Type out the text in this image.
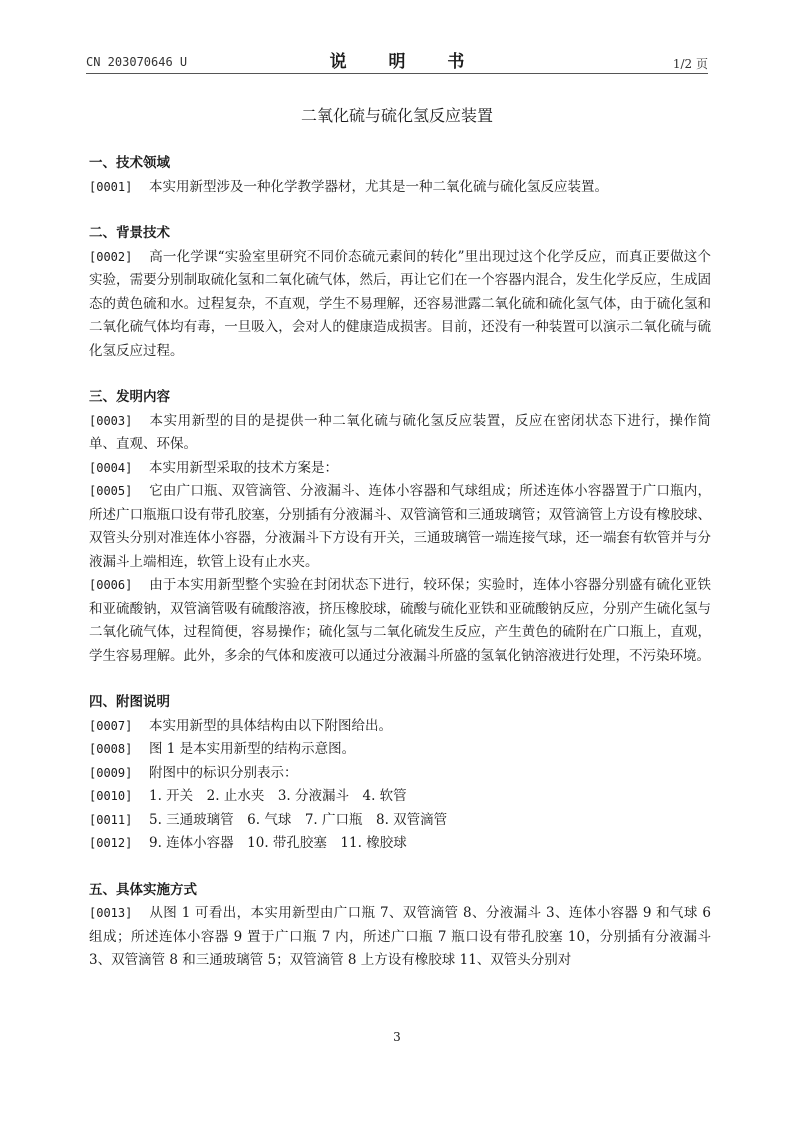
CN 203070646 U	说 明 书	1/2 页
二氧化硫与硫化氢反应装置
一、技术领域
[0001] 本实用新型涉及一种化学教学器材，尤其是一种二氧化硫与硫化氢反应装置。
二、背景技术
[0002] 高一化学课“实验室里研究不同价态硫元素间的转化”里出现过这个化学反应，而真正要做这个实验，需要分别制取硫化氢和二氧化硫气体，然后，再让它们在一个容器内混合，发生化学反应，生成固态的黄色硫和水。过程复杂，不直观，学生不易理解，还容易泄露二氧化硫和硫化氢气体，由于硫化氢和二氧化硫气体均有毒，一旦吸入，会对人的健康造成损害。目前，还没有一种装置可以演示二氧化硫与硫化氢反应过程。
三、发明内容
[0003] 本实用新型的目的是提供一种二氧化硫与硫化氢反应装置，反应在密闭状态下进行，操作简单、直观、环保。
[0004] 本实用新型采取的技术方案是：
[0005] 它由广口瓶、双管滴管、分液漏斗、连体小容器和气球组成；所述连体小容器置于广口瓶内，所述广口瓶瓶口设有带孔胶塞，分别插有分液漏斗、双管滴管和三通玻璃管；双管滴管上方设有橡胶球、双管头分别对准连体小容器，分液漏斗下方设有开关，三通玻璃管一端连接气球，还一端套有软管并与分液漏斗上端相连，软管上设有止水夹。
[0006] 由于本实用新型整个实验在封闭状态下进行，较环保；实验时，连体小容器分别盛有硫化亚铁和亚硫酸钠，双管滴管吸有硫酸溶液，挤压橡胶球，硫酸与硫化亚铁和亚硫酸钠反应，分别产生硫化氢与二氧化硫气体，过程简便，容易操作；硫化氢与二氧化硫发生反应，产生黄色的硫附在广口瓶上，直观，学生容易理解。此外，多余的气体和废液可以通过分液漏斗所盛的氢氧化钠溶液进行处理，不污染环境。
四、附图说明
[0007] 本实用新型的具体结构由以下附图给出。
[0008] 图 1 是本实用新型的结构示意图。
[0009] 附图中的标识分别表示：
[0010] 1. 开关　2. 止水夹　3. 分液漏斗　4. 软管
[0011] 5. 三通玻璃管　6. 气球　7. 广口瓶　8. 双管滴管
[0012] 9. 连体小容器　10. 带孔胶塞　11. 橡胶球
五、具体实施方式
[0013] 从图 1 可看出，本实用新型由广口瓶 7、双管滴管 8、分液漏斗 3、连体小容器 9 和气球 6 组成；所述连体小容器 9 置于广口瓶 7 内，所述广口瓶 7 瓶口设有带孔胶塞 10，分别插有分液漏斗 3、双管滴管 8 和三通玻璃管 5；双管滴管 8 上方设有橡胶球 11、双管头分别对
3
